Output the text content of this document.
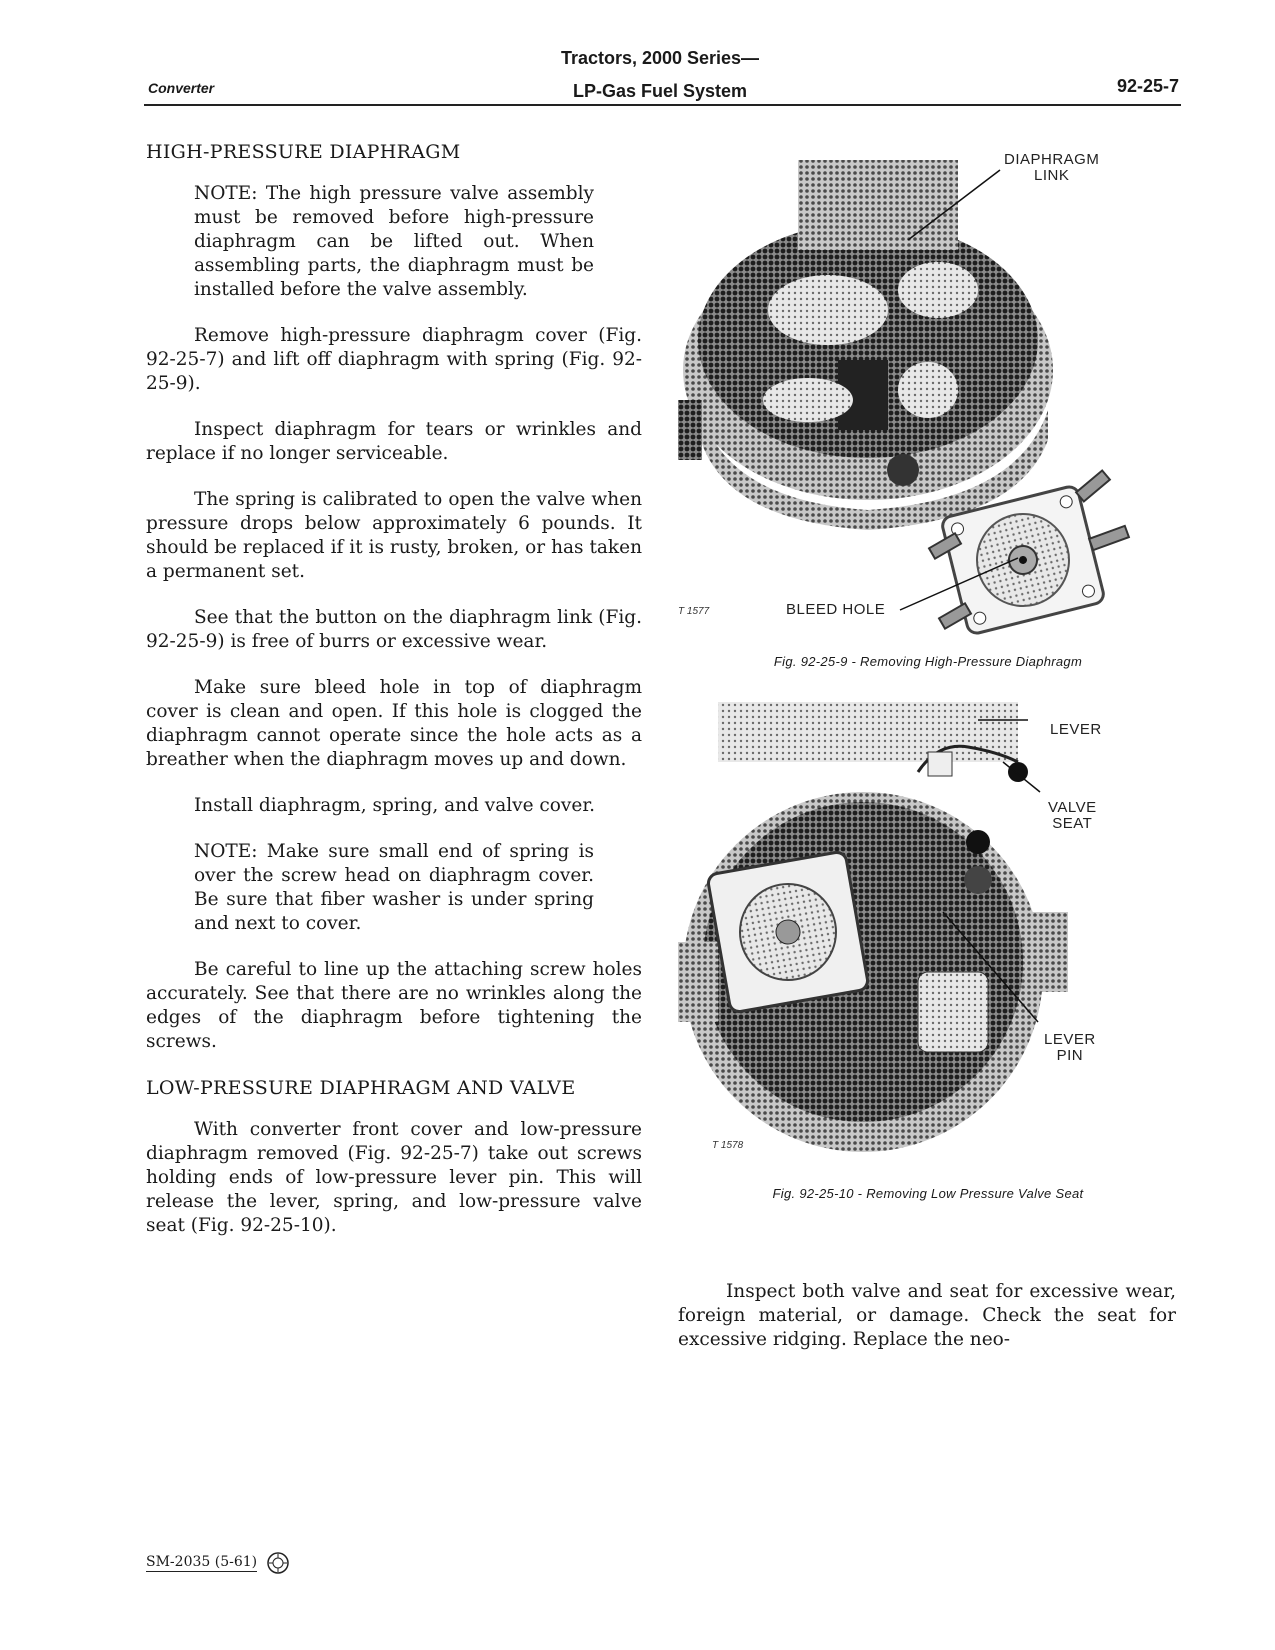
Converter
Tractors, 2000 Series—
LP-Gas Fuel System	92-25-7
HIGH-PRESSURE DIAPHRAGM

NOTE: The high pressure valve assembly must be removed before high-pressure diaphragm can be lifted out. When assembling parts, the diaphragm must be installed before the valve assembly.

Remove high-pressure diaphragm cover (Fig. 92-25-7) and lift off diaphragm with spring (Fig. 92-25-9).

Inspect diaphragm for tears or wrinkles and replace if no longer serviceable.

The spring is calibrated to open the valve when pressure drops below approximately 6 pounds. It should be replaced if it is rusty, broken, or has taken a permanent set.

See that the button on the diaphragm link (Fig. 92-25-9) is free of burrs or excessive wear.

Make sure bleed hole in top of diaphragm cover is clean and open. If this hole is clogged the diaphragm cannot operate since the hole acts as a breather when the diaphragm moves up and down.

Install diaphragm, spring, and valve cover.

NOTE: Make sure small end of spring is over the screw head on diaphragm cover. Be sure that fiber washer is under spring and next to cover.

Be careful to line up the attaching screw holes accurately. See that there are no wrinkles along the edges of the diaphragm before tightening the screws.

LOW-PRESSURE DIAPHRAGM AND VALVE

With converter front cover and low-pressure diaphragm removed (Fig. 92-25-7) take out screws holding ends of low-pressure lever pin. This will release the lever, spring, and low-pressure valve seat (Fig. 92-25-10).

DIAPHRAGM
LINK
BLEED HOLE
T 1577
Fig. 92-25-9 - Removing High-Pressure Diaphragm
LEVER
VALVE
SEAT
LEVER
PIN
T 1578
Fig. 92-25-10 - Removing Low Pressure Valve Seat

Inspect both valve and seat for excessive wear, foreign material, or damage. Check the seat for excessive ridging. Replace the neo-

SM-2035 (5-61)
